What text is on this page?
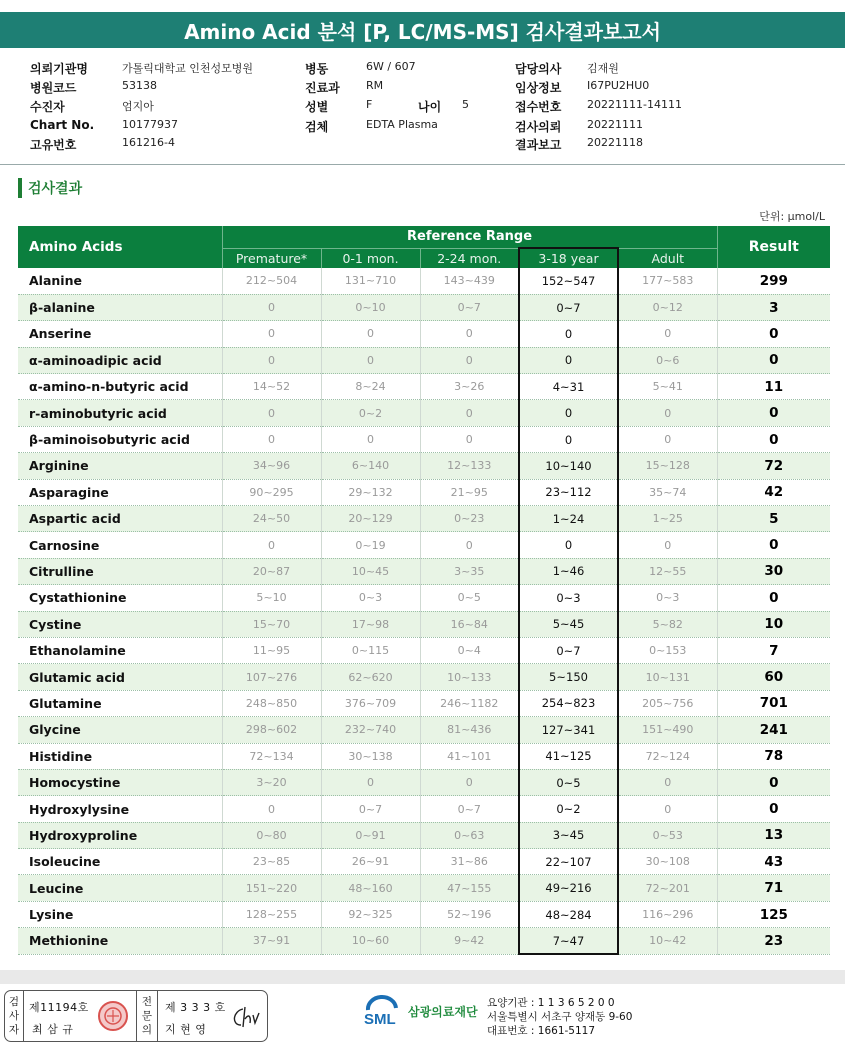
Amino Acid 분석 [P, LC/MS-MS] 검사결과보고서
의뢰기관명	가톨릭대학교 인천성모병원
병원코드	53138
수진자	엄지아
Chart No.	10177937
고유번호	161216-4
병동	6W / 607
진료과 RM
성별	F
검체	EDTA Plasma
나이 5
담당의사 김재원
임상정보 I67PU2HU0
접수번호 20221111-14111
검사의뢰 20221111
결과보고 20221118
검사결과
단위: μmol/L
Amino Acids	Reference Range					Result
	Premature*	0-1 mon.	2-24 mon.	3-18 year	Adult	
Alanine	212~504	131~710	143~439	152~547	177~583	299
β-alanine	0	0~10	0~7	0~7	0~12	3
Anserine	0	0	0	0	0	0
α-aminoadipic acid	0	0	0	0	0~6	0
α-amino-n-butyric acid	14~52	8~24	3~26	4~31	5~41	11
r-aminobutyric acid	0	0~2	0	0	0	0
β-aminoisobutyric acid	0	0	0	0	0	0
Arginine	34~96	6~140	12~133	10~140	15~128	72
Asparagine	90~295	29~132	21~95	23~112	35~74	42
Aspartic acid	24~50	20~129	0~23	1~24	1~25	5
Carnosine	0	0~19	0	0	0	0
Citrulline	20~87	10~45	3~35	1~46	12~55	30
Cystathionine	5~10	0~3	0~5	0~3	0~3	0
Cystine	15~70	17~98	16~84	5~45	5~82	10
Ethanolamine	11~95	0~115	0~4	0~7	0~153	7
Glutamic acid	107~276	62~620	10~133	5~150	10~131	60
Glutamine	248~850	376~709	246~1182	254~823	205~756	701
Glycine	298~602	232~740	81~436	127~341	151~490	241
Histidine	72~134	30~138	41~101	41~125	72~124	78
Homocystine	3~20	0	0	0~5	0	0
Hydroxylysine	0	0~7	0~7	0~2	0	0
Hydroxyproline	0~80	0~91	0~63	3~45	0~53	13
Isoleucine	23~85	26~91	31~86	22~107	30~108	43
Leucine	151~220	48~160	47~155	49~216	72~201	71
Lysine	128~255	92~325	52~196	48~284	116~296	125
Methionine	37~91	10~60	9~42	7~47	10~42	23
검
사
자
제11194호
최 삼 규
전
문
의
제 3 3 3 호
지 현 영
SML 삼광의료재단
요양기관 : 1 1 3 6 5 2 0 0
서울특별시 서초구 양재동 9-60
대표번호 : 1661-5117
